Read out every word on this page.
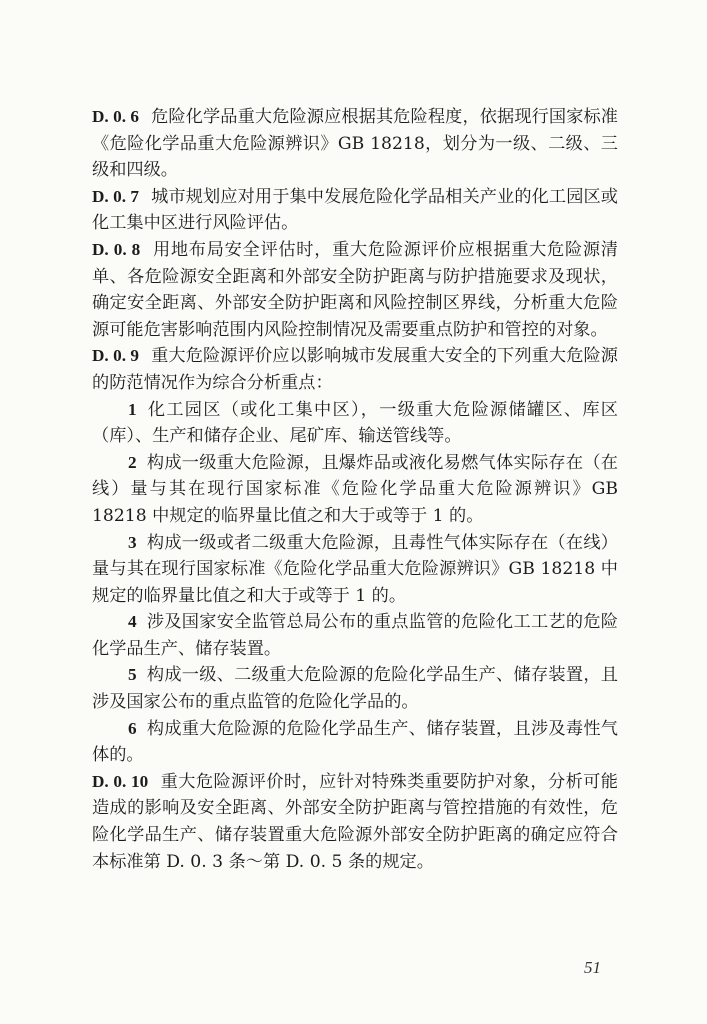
D. 0. 6 危险化学品重大危险源应根据其危险程度，依据现行国家标准《危险化学品重大危险源辨识》GB 18218，划分为一级、二级、三级和四级。

D. 0. 7 城市规划应对用于集中发展危险化学品相关产业的化工园区或化工集中区进行风险评估。

D. 0. 8 用地布局安全评估时，重大危险源评价应根据重大危险源清单、各危险源安全距离和外部安全防护距离与防护措施要求及现状，确定安全距离、外部安全防护距离和风险控制区界线，分析重大危险源可能危害影响范围内风险控制情况及需要重点防护和管控的对象。

D. 0. 9 重大危险源评价应以影响城市发展重大安全的下列重大危险源的防范情况作为综合分析重点：

1 化工园区（或化工集中区），一级重大危险源储罐区、库区（库）、生产和储存企业、尾矿库、输送管线等。

2 构成一级重大危险源，且爆炸品或液化易燃气体实际存在（在线）量与其在现行国家标准《危险化学品重大危险源辨识》GB 18218 中规定的临界量比值之和大于或等于 1 的。

3 构成一级或者二级重大危险源，且毒性气体实际存在（在线）量与其在现行国家标准《危险化学品重大危险源辨识》GB 18218 中规定的临界量比值之和大于或等于 1 的。

4 涉及国家安全监管总局公布的重点监管的危险化工工艺的危险化学品生产、储存装置。

5 构成一级、二级重大危险源的危险化学品生产、储存装置，且涉及国家公布的重点监管的危险化学品的。

6 构成重大危险源的危险化学品生产、储存装置，且涉及毒性气体的。

D. 0. 10 重大危险源评价时，应针对特殊类重要防护对象，分析可能造成的影响及安全距离、外部安全防护距离与管控措施的有效性，危险化学品生产、储存装置重大危险源外部安全防护距离的确定应符合本标准第 D. 0. 3 条～第 D. 0. 5 条的规定。

51
